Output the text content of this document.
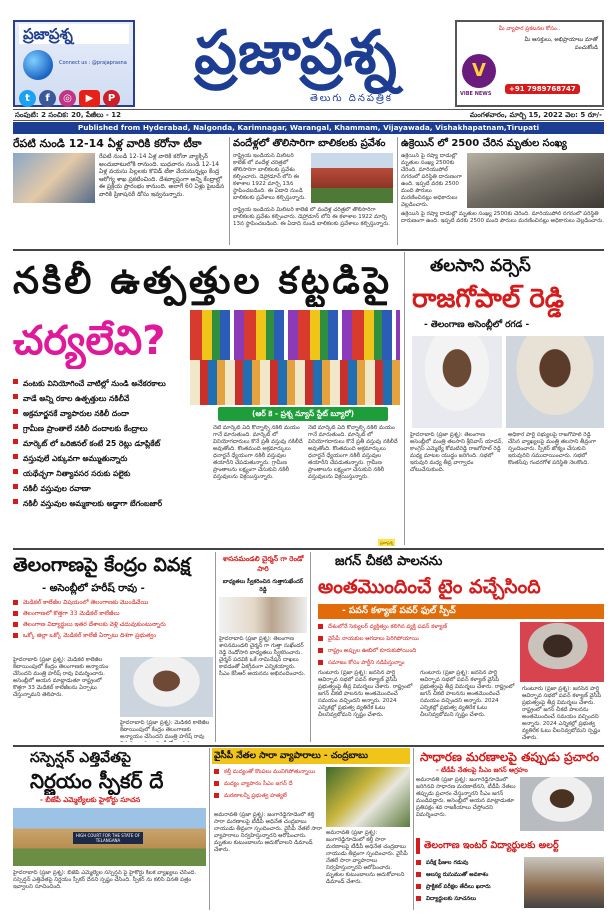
ప్రజాప్రశ్న
Connect us : @prajaprasna
t f ◎ ▶ P
ప్రజాప్రశ్న
తెలుగు దినపత్రిక
మీ వ్యాపార ప్రకటనల కోసం..
మీ ఆసక్తులు, అభిప్రాయాలు మాతో పంచుకోండి
V
VIBE NEWS
+91 7989768747
సంపుటి: 2 సంచిక: 20, పేజీలు - 12	మంగళవారం, మార్చి 15, 2022 వెల: 5 రూ/-
Published from Hyderabad, Nalgonda, Karimnagar, Warangal, Khammam, Vijayawada, Vishakhapatnam,Tirupati
రేపటి నుండి 12-14 ఏళ్ల వారికి కరోనా టీకా
రేపటి నుండి 12-14 ఏళ్ల వారికి కరోనా వ్యాక్సిన్ అందుబాటులోకి రానుంది. బుధవారం నుండి 12-14 ఏళ్ల వయసు పిల్లలకు కొవిడ్ టీకా వేయనున్నట్లు కేంద్ర ఆరోగ్య శాఖ ప్రకటించింది. దేశవ్యాప్తంగా అన్ని కేంద్రాల్లో ఈ ప్రక్రియ ప్రారంభం కానుంది. అలాగే 60 ఏళ్లు పైబడిన వారికి ప్రికాషనరీ డోసు ఇవ్వనున్నారు.
వందేళ్లలో తొలిసారిగా బాలికలకు ప్రవేశం
రాష్ట్రీయ ఇండియన్ మిలిటరీ కాలేజ్ లో వందేళ్ల చరిత్రలో తొలిసారిగా బాలికలకు ప్రవేశం కల్పించారు. డెహ్రాడూన్ లోని ఈ కళాశాల 1922 మార్చి 13న స్థాపించబడింది. ఈ ఏడాది నుండి బాలికలకు ప్రవేశాలు కల్పిస్తున్నారు.
రాష్ట్రీయ ఇండియన్ మిలిటరీ కాలేజ్ లో వందేళ్ల చరిత్రలో తొలిసారిగా బాలికలకు ప్రవేశం కల్పించారు. డెహ్రాడూన్ లోని ఈ కళాశాల 1922 మార్చి 13న స్థాపించబడింది. ఈ ఏడాది నుండి బాలికలకు ప్రవేశాలు కల్పిస్తున్నారు.
ఉక్రెయిన్ లో 2500 చేరిన మృతుల సంఖ్య
ఉక్రెయిన్ పై రష్యా దాడుల్లో మృతుల సంఖ్య 2500కు చేరింది. మారియుపోల్ నగరంలో పరిస్థితి దారుణంగా ఉంది. ఇప్పటి వరకు 2500 మంది పౌరులు మరణించినట్లు అధికారులు వెల్లడించారు.
ఉక్రెయిన్ పై రష్యా దాడుల్లో మృతుల సంఖ్య 2500కు చేరింది. మారియుపోల్ నగరంలో పరిస్థితి దారుణంగా ఉంది. ఇప్పటి వరకు 2500 మంది పౌరులు మరణించినట్లు అధికారులు వెల్లడించారు.
నకిలీ ఉత్పత్తుల కట్టడిపై
చర్యలేవి?
(ఆర్ కె - ప్రశ్న న్యూస్ స్టేట్ బ్యూరో)
వంటకు వినియోగించే వాటిల్లో నుండి అనేకరకాలు
వాడే అన్ని రకాల ఉత్పత్తులు నకిలీవే
అక్రమార్జనకే వ్యాపారుల నకిలీ దందా
గ్రామీణ ప్రాంతాలే నకిలీ దందాలకు కేంద్రాలు
మార్కెట్ లో ఒరిజినల్ కంటే 25 రెట్లు డూప్లికేట్
వస్తువులే ఎక్కువగా అమ్ముతున్నారు
యథేచ్ఛగా నిత్యావసర సరుకు పలైకు
నకిలీ వస్తువుల రవాణా
నకిలీ వస్తువుల అమ్మకాలకు అడ్డాగా బేగంబజార్
నేటి మార్కెట్ ఏది కొన్నాల్సి నకిలీ మయం గానే మారుతుంది. మార్కెట్ లో వినియోగదారులు కొనే ప్రతీ వస్తువు నకిలీదే అవుతోంది. కొంతమంది అక్రమార్కులు ధనార్జనే ధ్యేయంగా నకిలీ వస్తువుల తయారీని చేపడుతున్నారు. గ్రామీణ ప్రాంతాలను లక్ష్యంగా చేసుకుని నకిలీ వస్తువులను విక్రయిస్తున్నారు.
నేటి మార్కెట్ ఏది కొన్నాల్సి నకిలీ మయం గానే మారుతుంది. మార్కెట్ లో వినియోగదారులు కొనే ప్రతీ వస్తువు నకిలీదే అవుతోంది. కొంతమంది అక్రమార్కులు ధనార్జనే ధ్యేయంగా నకిలీ వస్తువుల తయారీని చేపడుతున్నారు. గ్రామీణ ప్రాంతాలను లక్ష్యంగా చేసుకుని నకిలీ వస్తువులను విక్రయిస్తున్నారు.
ప్రజాప్రశ్న
తలసాని వర్సెస్
రాజగోపాల్ రెడ్డి
- తెలంగాణ అసెంబ్లీలో రగడ -
హైదరాబాద్ (ప్రజా ప్రశ్న): తెలంగాణ అసెంబ్లీలో మంత్రి తలసాని శ్రీనివాస్ యాదవ్, కాంగ్రెస్ ఎమ్మెల్యే కోమటిరెడ్డి రాజగోపాల్ రెడ్డి మధ్య మాటల యుద్ధం జరిగింది. సభలో ఇరువురి మధ్య తీవ్ర వాగ్వాదం చోటుచేసుకుంది.
అధికార పార్టీ సభ్యులపై రాజగోపాల్ రెడ్డి చేసిన వ్యాఖ్యలపై మంత్రి తలసాని తీవ్రంగా స్పందించారు. స్పీకర్ జోక్యం చేసుకుని ఇరువురిని సముదాయించారు. సభలో కొంతసేపు గందరగోళ పరిస్థితి నెలకొంది.
తెలంగాణపై కేంద్రం వివక్ష
- అసెంబ్లీలో హరీష్ రావు -
మెడికల్ కాలేజీల విషయంలో తెలంగాణకు మొండిచేయి
తెలంగాణలో కొత్తగా 33 మెడికల్ కాలేజీలు
తెలంగాణ విద్యార్థులు ఇతర దేశాలకు వెళ్లి చదువుకుంటున్నారు
ఒక్కో జిల్లా ఒక్కో మెడికల్ కాలేజీ ఏర్పాటు దిశగా ప్రభుత్వం
హైదరాబాద్ (ప్రజా ప్రశ్న): మెడికల్ కాలేజీల కేటాయింపులో కేంద్రం తెలంగాణకు అన్యాయం చేసిందని మంత్రి హరీష్ రావు విమర్శించారు. అసెంబ్లీలో ఆయన మాట్లాడుతూ రాష్ట్రంలో కొత్తగా 33 మెడికల్ కాలేజీలను ఏర్పాటు చేస్తున్నామని తెలిపారు.
హైదరాబాద్ (ప్రజా ప్రశ్న): మెడికల్ కాలేజీల కేటాయింపులో కేంద్రం తెలంగాణకు అన్యాయం చేసిందని మంత్రి హరీష్ రావు
శాసనమండలి చైర్మన్ గా రెండో సారి
బాధ్యతలు స్వీకరించిన గుత్తాసుఖేందర్ రెడ్డి
హైదరాబాద్ (ప్రజా ప్రశ్న): తెలంగాణ శాసనమండలి చైర్మన్ గా గుత్తా సుఖేందర్ రెడ్డి రెండోసారి బాధ్యతలు స్వీకరించారు. చైర్మన్ పదవికి ఒకే నామినేషన్ దాఖలు కావడంతో ఏకగ్రీవంగా ఎన్నికయ్యారు. సీఎం కేసీఆర్ ఆయనను అభినందించారు.
జగన్ చీకటి పాలనను
అంతమొందించే టైం వచ్చేసింది
- పవన్ కళ్యాణ్ పవర్ ఫుల్ స్పీచ్
దేశంలోనే సెక్యులర్ వ్యక్తిత్వం కలిగిన వ్యక్తి పవన్ కళ్యాణ్
వైసీపీ నాయకుల ఆగడాలు పెరిగిపోయాయి
రాష్ట్రం అప్పుల ఊబిలో కూరుకుపోయింది
సమాజం కోసం పార్టీని నడిపిస్తున్నాం
గుంటూరు (ప్రజా ప్రశ్న): జనసేన పార్టీ ఆవిర్భావ సభలో పవన్ కళ్యాణ్ వైసీపీ ప్రభుత్వంపై తీవ్ర విమర్శలు చేశారు. రాష్ట్రంలో జగన్ చీకటి పాలనను అంతమొందించే సమయం వచ్చిందని అన్నారు. 2024 ఎన్నికల్లో ప్రభుత్వ వ్యతిరేక ఓటు చీలనివ్వబోమని స్పష్టం చేశారు.
గుంటూరు (ప్రజా ప్రశ్న): జనసేన పార్టీ ఆవిర్భావ సభలో పవన్ కళ్యాణ్ వైసీపీ ప్రభుత్వంపై తీవ్ర విమర్శలు చేశారు. రాష్ట్రంలో జగన్ చీకటి పాలనను అంతమొందించే సమయం వచ్చిందని అన్నారు. 2024 ఎన్నికల్లో ప్రభుత్వ వ్యతిరేక ఓటు చీలనివ్వబోమని స్పష్టం చేశారు.
గుంటూరు (ప్రజా ప్రశ్న): జనసేన పార్టీ ఆవిర్భావ సభలో పవన్ కళ్యాణ్ వైసీపీ ప్రభుత్వంపై తీవ్ర విమర్శలు చేశారు. రాష్ట్రంలో జగన్ చీకటి పాలనను అంతమొందించే సమయం వచ్చిందని అన్నారు. 2024 ఎన్నికల్లో ప్రభుత్వ వ్యతిరేక ఓటు చీలనివ్వబోమని స్పష్టం చేశారు.
సస్పెన్షన్ ఎత్తివేతపై
నిర్ణయం స్పీకర్ దే
- బీజేపీ ఎమ్మెల్యేలకు హైకోర్టు సూచన
HIGH COURT FOR THE STATE OF TELANGANA
హైదరాబాద్ (ప్రజా ప్రశ్న): బీజేపీ ఎమ్మెల్యేల సస్పెన్షన్ పై హైకోర్టు కీలక వ్యాఖ్యలు చేసింది. సస్పెన్షన్ ఎత్తివేతపై నిర్ణయం స్పీకర్ దేనని స్పష్టం చేసింది. స్పీకర్ ను కలిసి వినతి పత్రం ఇవ్వాలని సూచించింది.
వైసీపీ నేతల సారా వ్యాపారాలు - చంద్రబాబు
కల్తీ మద్యంతో కొంపలు మునిగిపోతున్నాయి
మద్యం వ్యాపారం సీఎం జగన్ దే
మరణాలన్నీ ప్రభుత్వ హత్యలే
అమరావతి (ప్రజా ప్రశ్న): జంగారెడ్డిగూడెంలో కల్తీ సారా మరణాలపై టీడీపీ అధినేత చంద్రబాబు నాయుడు తీవ్రంగా స్పందించారు. వైసీపీ నేతలే సారా వ్యాపారాలు నిర్వహిస్తున్నారని ఆరోపించారు. మృతుల కుటుంబాలను ఆదుకోవాలని డిమాండ్ చేశారు.
అమరావతి (ప్రజా ప్రశ్న): జంగారెడ్డిగూడెంలో కల్తీ సారా మరణాలపై టీడీపీ అధినేత చంద్రబాబు నాయుడు తీవ్రంగా స్పందించారు. వైసీపీ నేతలే సారా వ్యాపారాలు నిర్వహిస్తున్నారని ఆరోపించారు. మృతుల కుటుంబాలను ఆదుకోవాలని డిమాండ్ చేశారు.
సాధారణ మరణాలపై తప్పుడు ప్రచారం
- టీడీపీ నేతలపై సీఎం జగన్ ఆగ్రహం
అమరావతి (ప్రజా ప్రశ్న): జంగారెడ్డిగూడెంలో జరిగినవి సాధారణ మరణాలేనని, టీడీపీ నేతలు తప్పుడు ప్రచారం చేస్తున్నారని సీఎం జగన్ మండిపడ్డారు. అసెంబ్లీలో ఆయన మాట్లాడుతూ ప్రతిపక్షం శవ రాజకీయాలు చేస్తోందని విమర్శించారు.
తెలంగాణ ఇంటర్ విద్యార్థులకు అలర్ట్
పరీక్ష ఫీజుల గడువు
ఆలస్య రుసుముతో అవకాశం
ప్రాక్టికల్ పరీక్షల తేదీలు ఖరారు
విద్యార్థులకు సూచనలు
